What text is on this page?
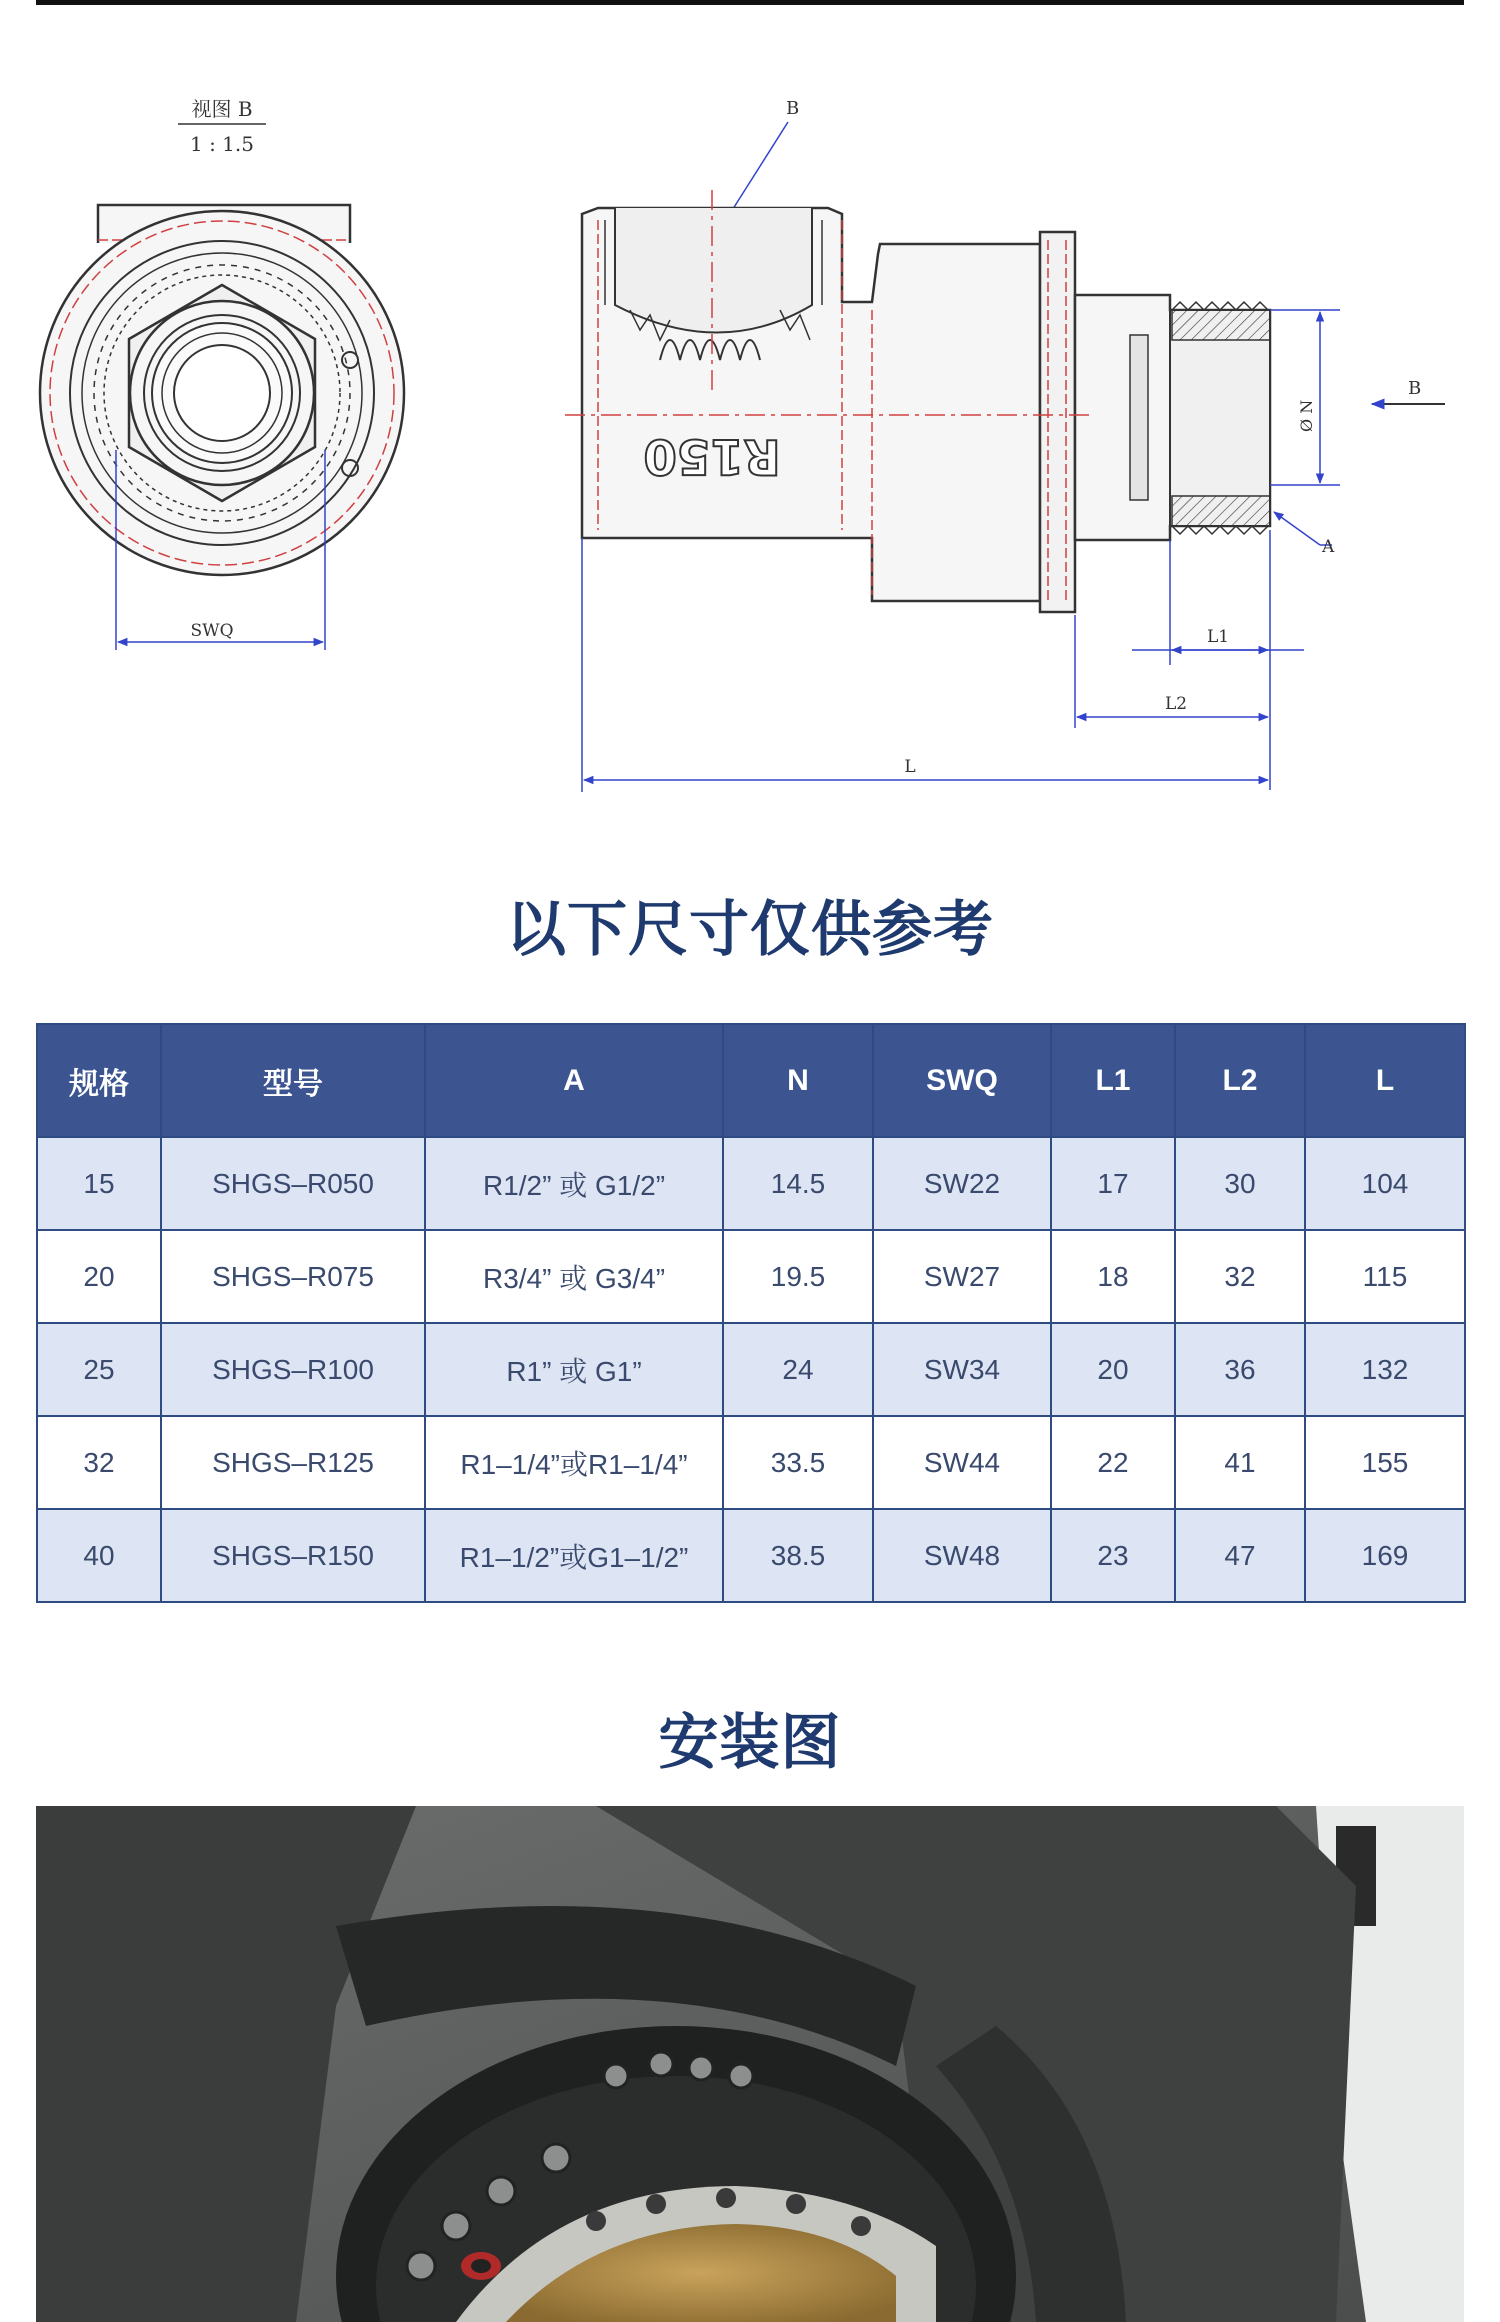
视图 B
1 : 1.5
SWQ
B
R150
Ø N
B
A
L1
L2
L
以下尺寸仅供参考
规格	型号	A	N	SWQ	L1	L2	L
15	SHGS–R050	R1/2” 或 G1/2”	14.5	SW22	17	30	104
20	SHGS–R075	R3/4” 或 G3/4”	19.5	SW27	18	32	115
25	SHGS–R100	R1” 或 G1”	24	SW34	20	36	132
32	SHGS–R125	R1–1/4”或R1–1/4”	33.5	SW44	22	41	155
40	SHGS–R150	R1–1/2”或G1–1/2”	38.5	SW48	23	47	169
安装图
